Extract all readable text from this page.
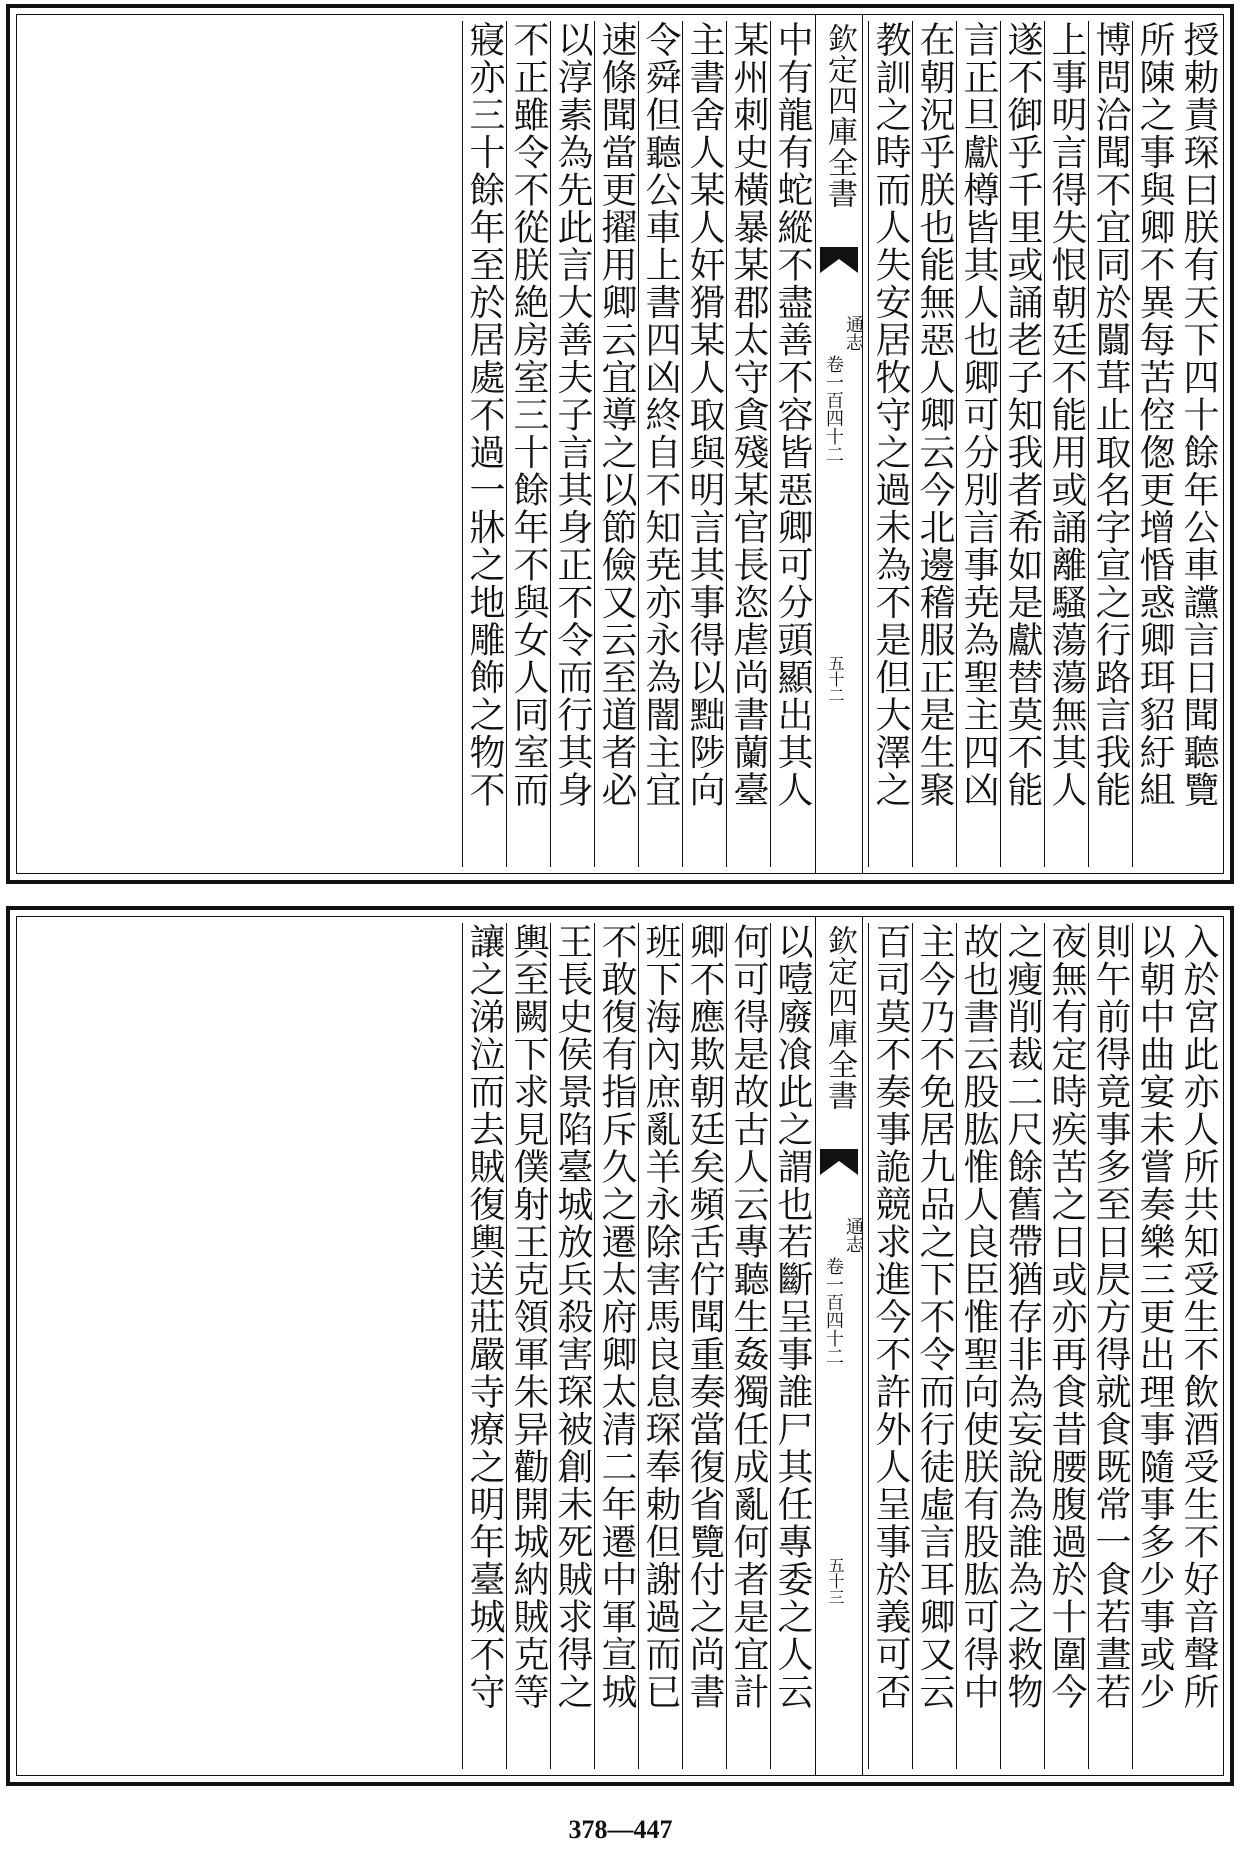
授勅責琛曰朕有天下四十餘年公車讜言日聞聽覽
所陳之事與卿不異每苦倥偬更增惛惑卿珥貂紆組
博問洽聞不宜同於闒茸止取名字宣之行路言我能
上事明言得失恨朝廷不能用或誦離騷蕩蕩無其人
遂不御乎千里或誦老子知我者希如是獻替莫不能
言正旦獻樽皆其人也卿可分別言事尭為聖主四凶
在朝況乎朕也能無惡人卿云今北邊稽服正是生聚
教訓之時而人失安居牧守之過未為不是但大澤之
欽定四庫全書
通志
卷一百四十二
五十二
中有龍有蛇縱不盡善不容皆惡卿可分頭顯出其人
某州刺史橫暴某郡太守貪殘某官長恣虐尚書蘭臺
主書舍人某人奸猾某人取與明言其事得以黜陟向
令舜但聽公車上書四凶終自不知尭亦永為闇主宜
速條聞當更擢用卿云宜導之以節儉又云至道者必
以淳素為先此言大善夫子言其身正不令而行其身
不正雖令不從朕絶房室三十餘年不與女人同室而
寢亦三十餘年至於居處不過一牀之地雕飾之物不
入於宮此亦人所共知受生不飲酒受生不好音聲所
以朝中曲宴未嘗奏樂三更出理事隨事多少事或少
則午前得竟事多至日昃方得就食既常一食若晝若
夜無有定時疾苦之日或亦再食昔腰腹過於十圍今
之瘦削裁二尺餘舊帶猶存非為妄說為誰為之救物
故也書云股肱惟人良臣惟聖向使朕有股肱可得中
主今乃不免居九品之下不令而行徒虛言耳卿又云
百司莫不奏事詭競求進今不許外人呈事於義可否
欽定四庫全書
通志
卷一百四十二
五十三
以噎廢飡此之謂也若斷呈事誰尸其任專委之人云
何可得是故古人云專聽生姦獨任成亂何者是宜計
卿不應欺朝廷矣頻舌佇聞重奏當復省覽付之尚書
班下海內庶亂羊永除害馬良息琛奉勅但謝過而已
不敢復有指斥久之遷太府卿太清二年遷中軍宣城
王長史侯景陷臺城放兵殺害琛被創未死賊求得之
輿至闕下求見僕射王克領軍朱异勸開城納賊克等
讓之涕泣而去賊復輿送莊嚴寺療之明年臺城不守
378—447
